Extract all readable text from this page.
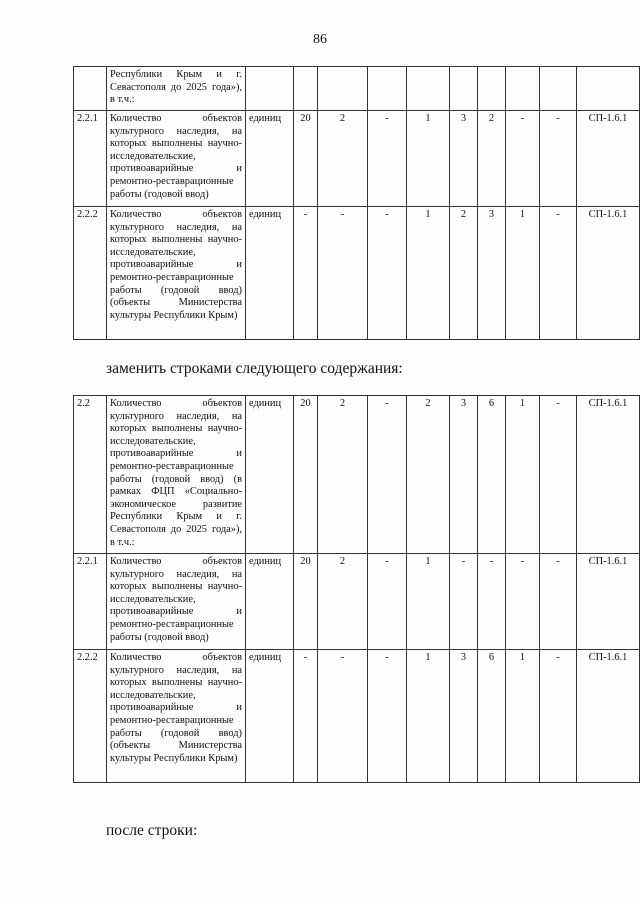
86
	Республики Крым и г. Севастополя до 2025 года»), в т.ч.:											
2.2.1	Количество объектов культурного наследия, на которых выполнены научно-исследовательские, противоаварийные и ремонтно-реставрационные работы (годовой ввод)	единиц	20	2	-	1	3	2	-	-	СП-1.6.1	
2.2.2	Количество объектов культурного наследия, на которых выполнены научно-исследовательские, противоаварийные и ремонтно-реставрационные работы (годовой ввод) (объекты Министерства культуры Республики Крым)	единиц	-	-	-	1	2	3	1	-	СП-1.6.1	
заменить строками следующего содержания:
2.2	Количество объектов культурного наследия, на которых выполнены научно-исследовательские, противоаварийные и ремонтно-реставрационные работы (годовой ввод) (в рамках ФЦП «Социально-экономическое развитие Республики Крым и г. Севастополя до 2025 года»), в т.ч.:	единиц	20	2	-	2	3	6	1	-	СП-1.6.1
2.2.1	Количество объектов культурного наследия, на которых выполнены научно-исследовательские, противоаварийные и ремонтно-реставрационные работы (годовой ввод)	единиц	20	2	-	1	-	-	-	-	СП-1.6.1
2.2.2	Количество объектов культурного наследия, на которых выполнены научно-исследовательские, противоаварийные и ремонтно-реставрационные работы (годовой ввод) (объекты Министерства культуры Республики Крым)	единиц	-	-	-	1	3	6	1	-	СП-1.6.1
после строки:
